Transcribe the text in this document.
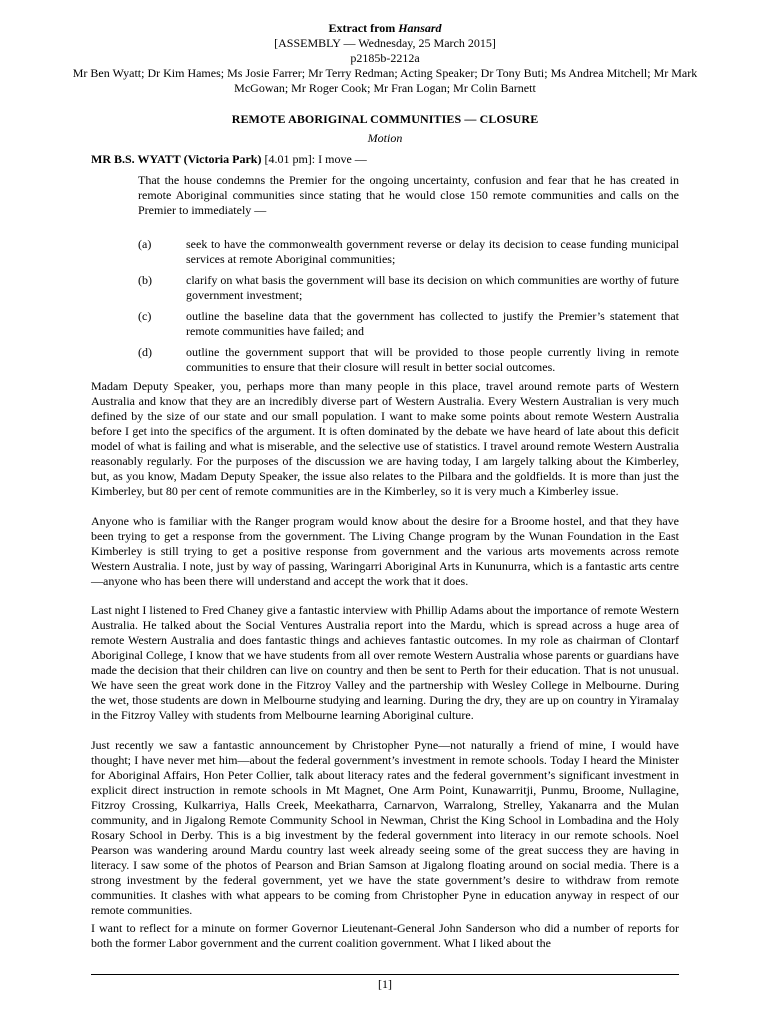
Extract from Hansard
[ASSEMBLY — Wednesday, 25 March 2015]
p2185b-2212a
Mr Ben Wyatt; Dr Kim Hames; Ms Josie Farrer; Mr Terry Redman; Acting Speaker; Dr Tony Buti; Ms Andrea Mitchell; Mr Mark McGowan; Mr Roger Cook; Mr Fran Logan; Mr Colin Barnett
REMOTE ABORIGINAL COMMUNITIES — CLOSURE
Motion
MR B.S. WYATT (Victoria Park) [4.01 pm]: I move —
That the house condemns the Premier for the ongoing uncertainty, confusion and fear that he has created in remote Aboriginal communities since stating that he would close 150 remote communities and calls on the Premier to immediately —
(a)	seek to have the commonwealth government reverse or delay its decision to cease funding municipal services at remote Aboriginal communities;
(b)	clarify on what basis the government will base its decision on which communities are worthy of future government investment;
(c)	outline the baseline data that the government has collected to justify the Premier’s statement that remote communities have failed; and
(d)	outline the government support that will be provided to those people currently living in remote communities to ensure that their closure will result in better social outcomes.
Madam Deputy Speaker, you, perhaps more than many people in this place, travel around remote parts of Western Australia and know that they are an incredibly diverse part of Western Australia. Every Western Australian is very much defined by the size of our state and our small population. I want to make some points about remote Western Australia before I get into the specifics of the argument. It is often dominated by the debate we have heard of late about this deficit model of what is failing and what is miserable, and the selective use of statistics. I travel around remote Western Australia reasonably regularly. For the purposes of the discussion we are having today, I am largely talking about the Kimberley, but, as you know, Madam Deputy Speaker, the issue also relates to the Pilbara and the goldfields. It is more than just the Kimberley, but 80 per cent of remote communities are in the Kimberley, so it is very much a Kimberley issue.
Anyone who is familiar with the Ranger program would know about the desire for a Broome hostel, and that they have been trying to get a response from the government. The Living Change program by the Wunan Foundation in the East Kimberley is still trying to get a positive response from government and the various arts movements across remote Western Australia. I note, just by way of passing, Waringarri Aboriginal Arts in Kununurra, which is a fantastic arts centre—anyone who has been there will understand and accept the work that it does.
Last night I listened to Fred Chaney give a fantastic interview with Phillip Adams about the importance of remote Western Australia. He talked about the Social Ventures Australia report into the Mardu, which is spread across a huge area of remote Western Australia and does fantastic things and achieves fantastic outcomes. In my role as chairman of Clontarf Aboriginal College, I know that we have students from all over remote Western Australia whose parents or guardians have made the decision that their children can live on country and then be sent to Perth for their education. That is not unusual. We have seen the great work done in the Fitzroy Valley and the partnership with Wesley College in Melbourne. During the wet, those students are down in Melbourne studying and learning. During the dry, they are up on country in Yiramalay in the Fitzroy Valley with students from Melbourne learning Aboriginal culture.
Just recently we saw a fantastic announcement by Christopher Pyne—not naturally a friend of mine, I would have thought; I have never met him—about the federal government’s investment in remote schools. Today I heard the Minister for Aboriginal Affairs, Hon Peter Collier, talk about literacy rates and the federal government’s significant investment in explicit direct instruction in remote schools in Mt Magnet, One Arm Point, Kunawarritji, Punmu, Broome, Nullagine, Fitzroy Crossing, Kulkarriya, Halls Creek, Meekatharra, Carnarvon, Warralong, Strelley, Yakanarra and the Mulan community, and in Jigalong Remote Community School in Newman, Christ the King School in Lombadina and the Holy Rosary School in Derby. This is a big investment by the federal government into literacy in our remote schools. Noel Pearson was wandering around Mardu country last week already seeing some of the great success they are having in literacy. I saw some of the photos of Pearson and Brian Samson at Jigalong floating around on social media. There is a strong investment by the federal government, yet we have the state government’s desire to withdraw from remote communities. It clashes with what appears to be coming from Christopher Pyne in education anyway in respect of our remote communities.
I want to reflect for a minute on former Governor Lieutenant-General John Sanderson who did a number of reports for both the former Labor government and the current coalition government. What I liked about the
[1]
